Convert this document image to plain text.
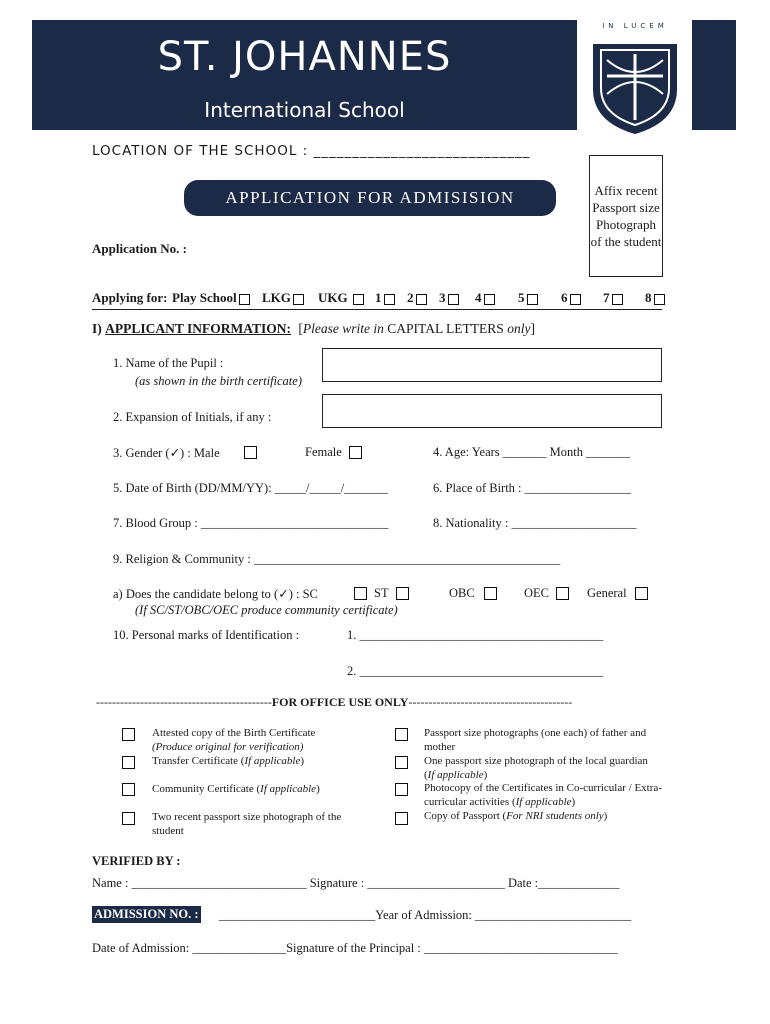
ST. JOHANNES
International School
IN LUCEM
LOCATION OF THE SCHOOL : ____________________________
APPLICATION FOR ADMISISION	Affix recent Passport size Photograph of the student
Application No. :
Applying for: Play School	LKG	UKG	1	2	3	4	5	6	7	8
I) APPLICANT INFORMATION: [Please write in CAPITAL LETTERS only]
1. Name of the Pupil :
(as shown in the birth certificate)
2. Expansion of Initials, if any :
3. Gender (✓) : Male	Female	4. Age: Years _______ Month _______
5. Date of Birth (DD/MM/YY): _____/_____/_______	6. Place of Birth : _________________
7. Blood Group : ______________________________	8. Nationality : ____________________
9. Religion & Community : _________________________________________________
a) Does the candidate belong to (✓) : SC	ST	OBC	OEC	General
(If SC/ST/OBC/OEC produce community certificate)
10. Personal marks of Identification :	1. _______________________________________
2. _______________________________________
--------------------------------------------FOR OFFICE USE ONLY-----------------------------------------
Attested copy of the Birth Certificate
(Produce original for verification)
Transfer Certificate (If applicable)
Community Certificate (If applicable)
Two recent passport size photograph of the student
Passport size photographs (one each) of father and mother
One passport size photograph of the local guardian (If applicable)
Photocopy of the Certificates in Co-curricular / Extra-curricular activities (If applicable)
Copy of Passport (For NRI students only)
VERIFIED BY :
Name : ____________________________ Signature : ______________________ Date :_____________
ADMISSION NO. : _________________________Year of Admission: _________________________
Date of Admission: _______________Signature of the Principal : _______________________________
